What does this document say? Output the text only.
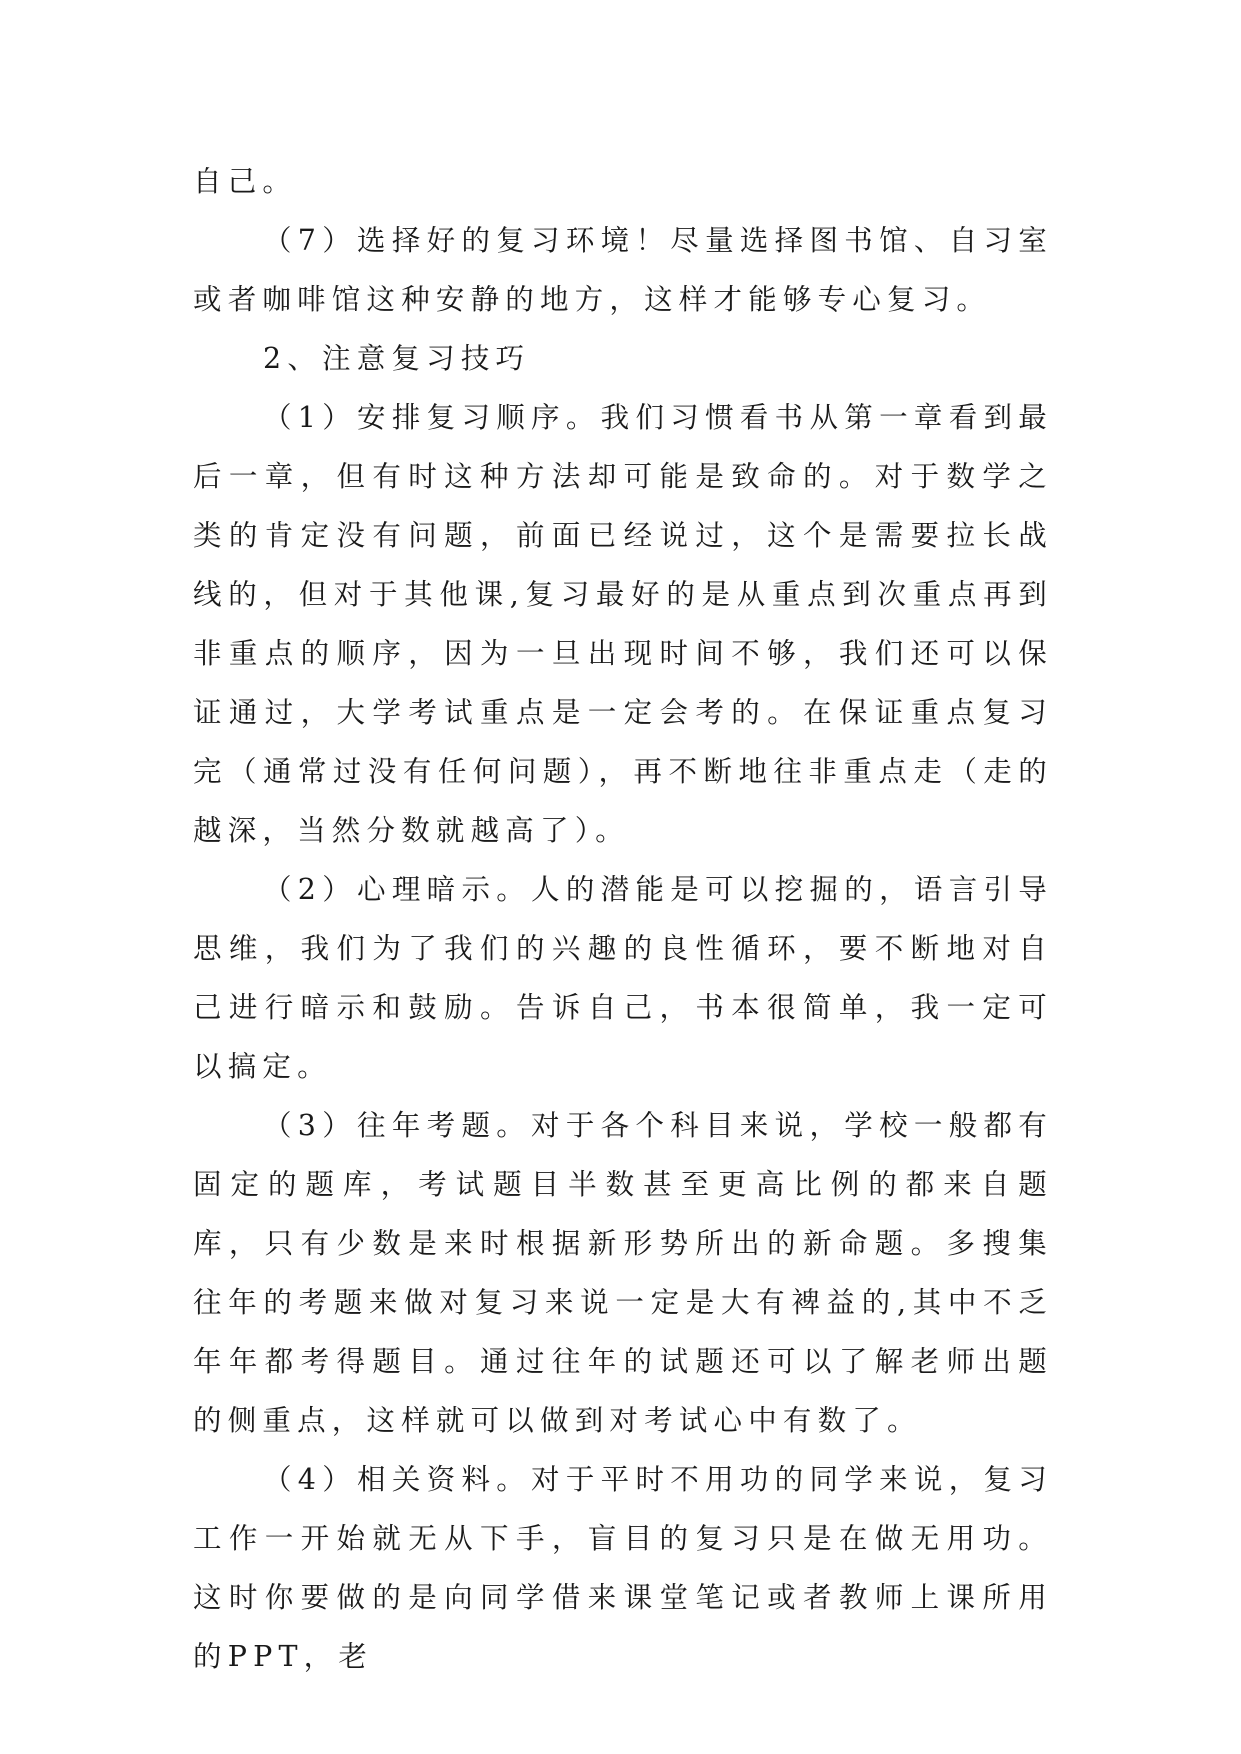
自己。

（7）选择好的复习环境！尽量选择图书馆、自习室或者咖啡馆这种安静的地方，这样才能够专心复习。

2、注意复习技巧

（1）安排复习顺序。我们习惯看书从第一章看到最后一章，但有时这种方法却可能是致命的。对于数学之类的肯定没有问题，前面已经说过，这个是需要拉长战线的，但对于其他课,复习最好的是从重点到次重点再到非重点的顺序，因为一旦出现时间不够，我们还可以保证通过，大学考试重点是一定会考的。在保证重点复习完（通常过没有任何问题），再不断地往非重点走（走的越深，当然分数就越高了）。

（2）心理暗示。人的潜能是可以挖掘的，语言引导思维，我们为了我们的兴趣的良性循环，要不断地对自己进行暗示和鼓励。告诉自己，书本很简单，我一定可以搞定。

（3）往年考题。对于各个科目来说，学校一般都有固定的题库，考试题目半数甚至更高比例的都来自题库，只有少数是来时根据新形势所出的新命题。多搜集往年的考题来做对复习来说一定是大有裨益的,其中不乏年年都考得题目。通过往年的试题还可以了解老师出题的侧重点，这样就可以做到对考试心中有数了。

（4）相关资料。对于平时不用功的同学来说，复习工作一开始就无从下手，盲目的复习只是在做无用功。这时你要做的是向同学借来课堂笔记或者教师上课所用的PPT，老
